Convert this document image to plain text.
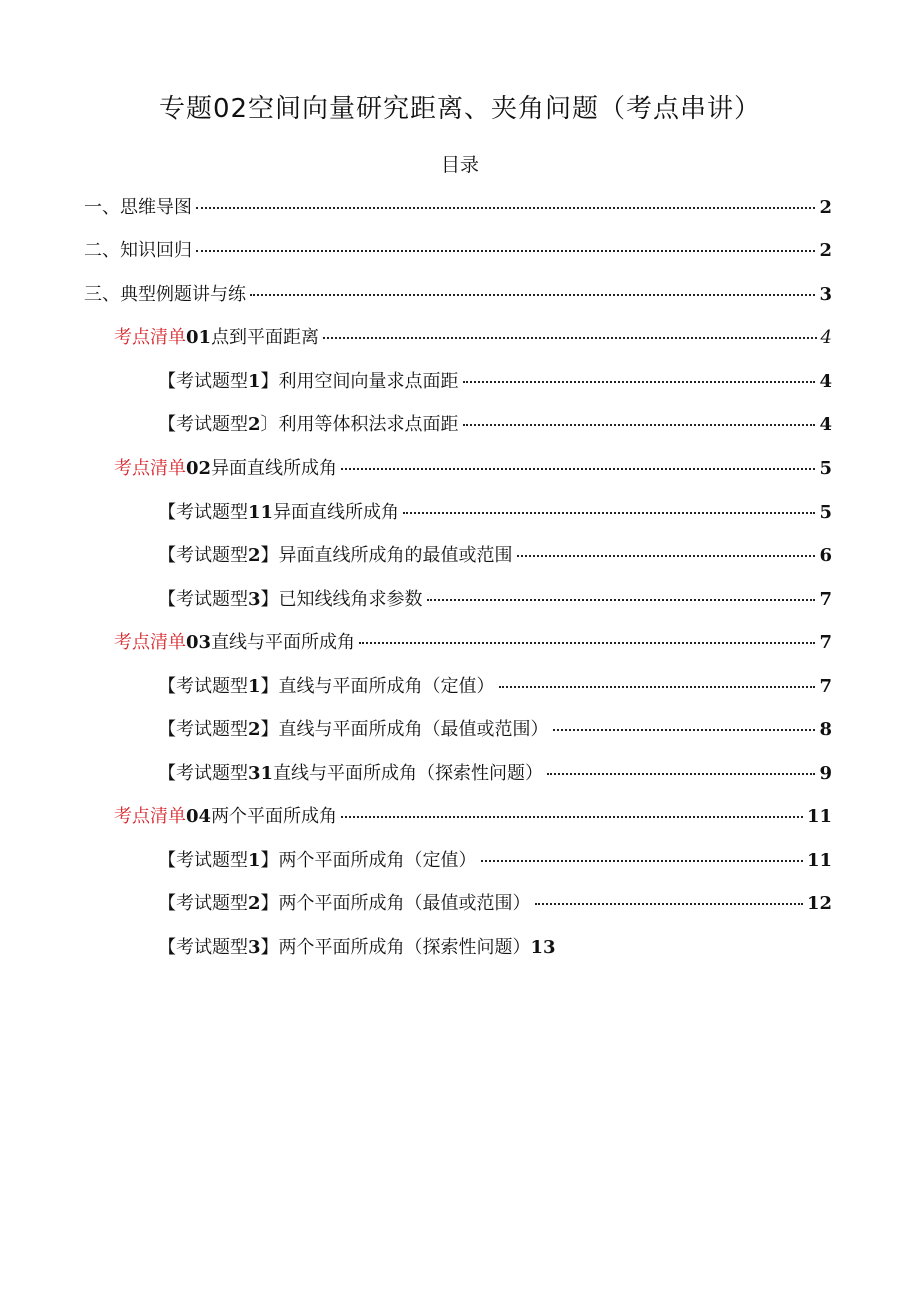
专题02空间向量研究距离、夹角问题（考点串讲）
目录
一、思维导图	2
二、知识回归	2
三、典型例题讲与练	3
考点清单01点到平面距离	4
【考试题型1】利用空间向量求点面距	4
【考试题型2〕利用等体积法求点面距	4
考点清单02异面直线所成角	5
【考试题型11异面直线所成角	5
【考试题型2】异面直线所成角的最值或范围	6
【考试题型3】已知线线角求参数	7
考点清单03直线与平面所成角	7
【考试题型1】直线与平面所成角（定值）	7
【考试题型2】直线与平面所成角（最值或范围）	8
【考试题型31直线与平面所成角（探索性问题）	9
考点清单04两个平面所成角	11
【考试题型1】两个平面所成角（定值）	11
【考试题型2】两个平面所成角（最值或范围）	12
【考试题型3】两个平面所成角（探索性问题） 13
